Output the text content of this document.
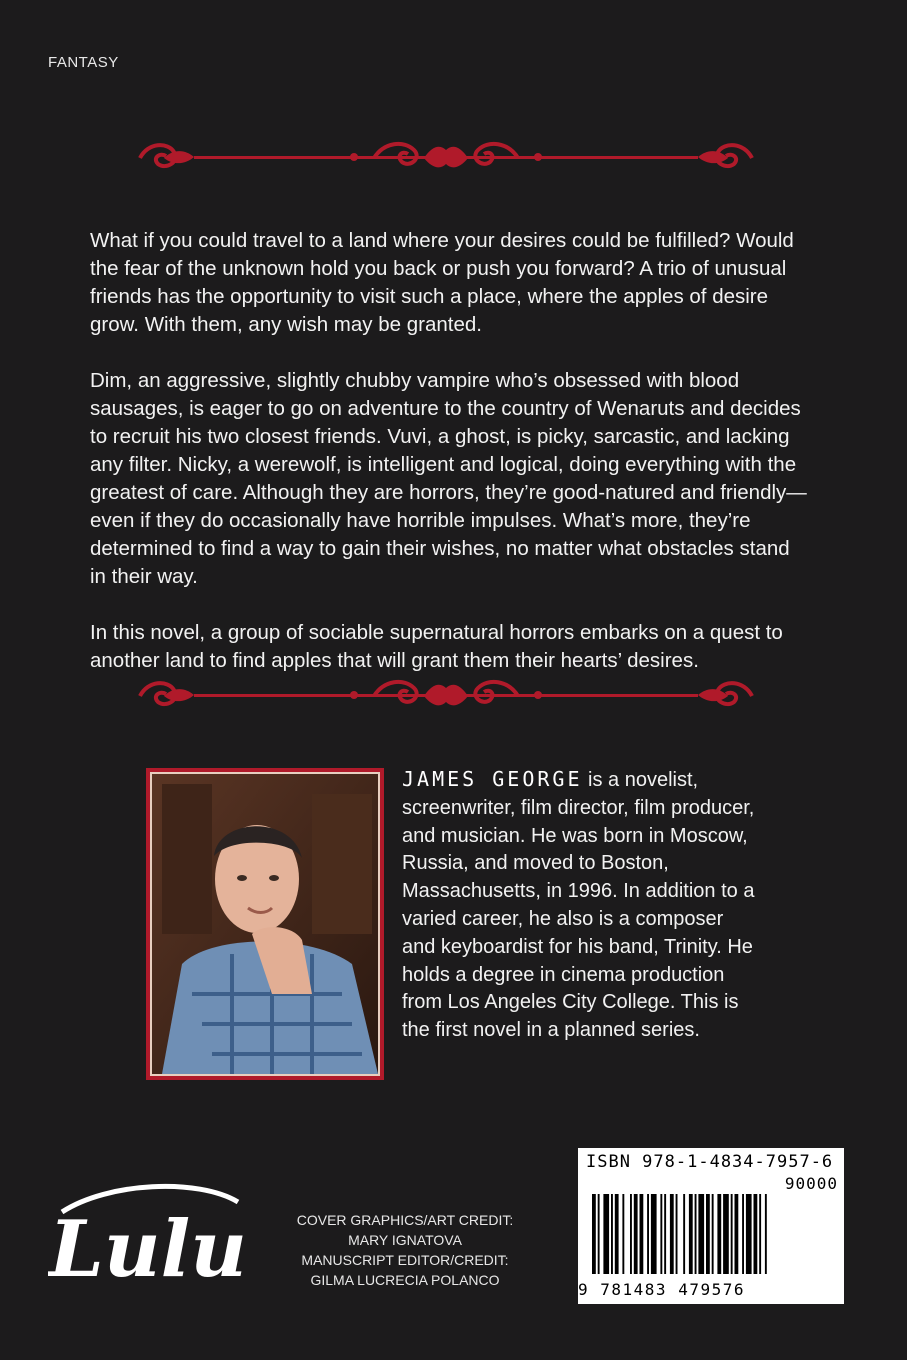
FANTASY

What if you could travel to a land where your desires could be fulfilled? Would the fear of the unknown hold you back or push you forward? A trio of unusual friends has the opportunity to visit such a place, where the apples of desire grow. With them, any wish may be granted.

Dim, an aggressive, slightly chubby vampire who’s obsessed with blood sausages, is eager to go on adventure to the country of Wenaruts and decides to recruit his two closest friends. Vuvi, a ghost, is picky, sarcastic, and lacking any filter. Nicky, a werewolf, is intelligent and logical, doing everything with the greatest of care. Although they are horrors, they’re good-natured and friendly—even if they do occasionally have horrible impulses. What’s more, they’re determined to find a way to gain their wishes, no matter what obstacles stand in their way.

In this novel, a group of sociable supernatural horrors embarks on a quest to another land to find apples that will grant them their hearts’ desires.

JAMES GEORGE is a novelist, screenwriter, film director, film producer, and musician. He was born in Moscow, Russia, and moved to Boston, Massachusetts, in 1996. In addition to a varied career, he also is a composer and keyboardist for his band, Trinity. He holds a degree in cinema production from Los Angeles City College. This is the first novel in a planned series.
Lulu	COVER GRAPHICS/ART CREDIT:
MARY IGNATOVA
MANUSCRIPT EDITOR/CREDIT:
GILMA LUCRECIA POLANCO
ISBN 978-1-4834-7957-6
90000
9 781483 479576
